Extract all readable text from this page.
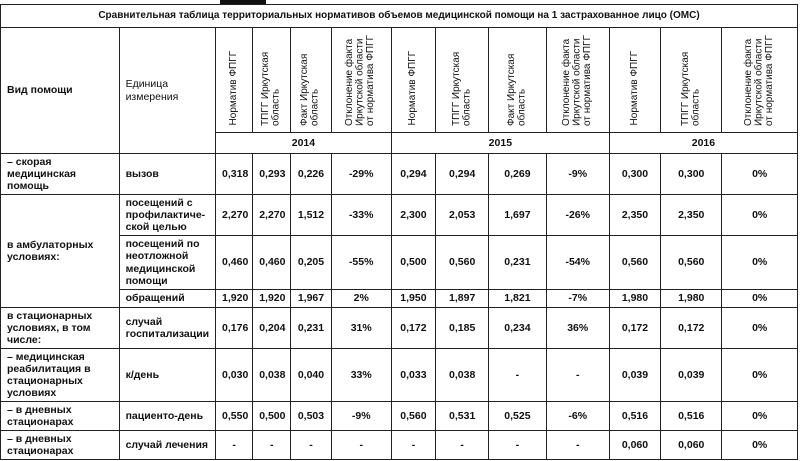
Сравнительная таблица территориальных нормативов объемов медицинской помощи на 1 застрахованное лицо (ОМС)												
Вид помощи	Единица измерения	Норматив ФПГГ	ТПГГ Иркутская область	Факт Иркутская область	Отклонение факта Иркутской области от норматива ФПГГ	Норматив ФПГГ	ТПГГ Иркутская область	Факт Иркутская область	Отклонение факта Иркутской области от норматива ФПГГ	Норматив ФПГГ	ТПГГ Иркутская область	Отклонение факта Иркутской области от норматива ФПГГ
		2014				2015				2016		
– скорая медицинская помощь	вызов	0,318	0,293	0,226	-29%	0,294	0,294	0,269	-9%	0,300	0,300	0%
в амбулаторных условиях:	посещений с профилактиче-ской целью	2,270	2,270	1,512	-33%	2,300	2,053	1,697	-26%	2,350	2,350	0%
	посещений по неотложной медицинской помощи	0,460	0,460	0,205	-55%	0,500	0,560	0,231	-54%	0,560	0,560	0%
	обращений	1,920	1,920	1,967	2%	1,950	1,897	1,821	-7%	1,980	1,980	0%
в стационарных условиях, в том числе:	случай госпитализации	0,176	0,204	0,231	31%	0,172	0,185	0,234	36%	0,172	0,172	0%
– медицинская реабилитация в стационарных условиях	к/день	0,030	0,038	0,040	33%	0,033	0,038	-	-	0,039	0,039	0%
– в дневных стационарах	пациенто-день	0,550	0,500	0,503	-9%	0,560	0,531	0,525	-6%	0,516	0,516	0%
– в дневных стационарах	случай лечения	-	-	-	-	-	-	-	-	0,060	0,060	0%
